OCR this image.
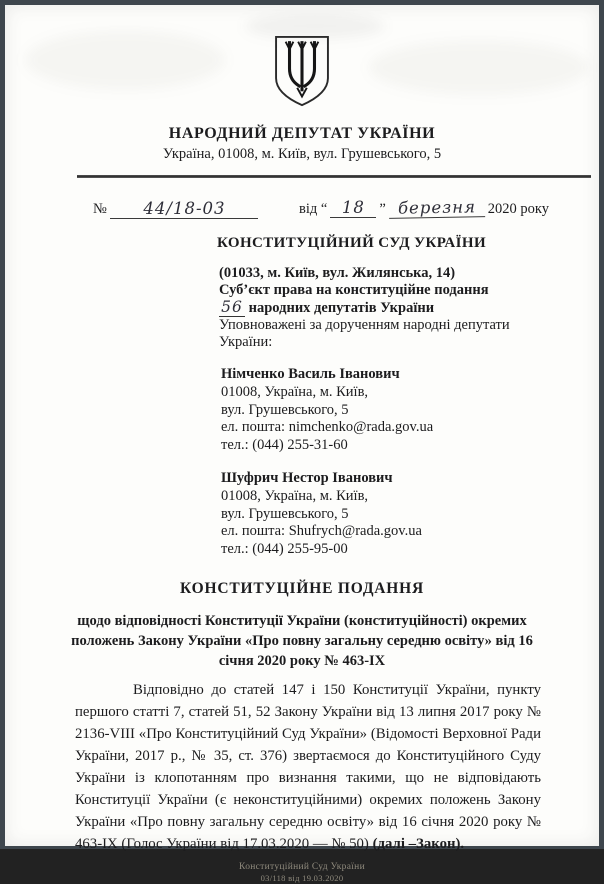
НАРОДНИЙ ДЕПУТАТ УКРАЇНИ
Україна, 01008, м. Київ, вул. Грушевського, 5
№
	44/18-03	від “ 18	” березня 2020 року
КОНСТИТУЦІЙНИЙ СУД УКРАЇНИ
(01033, м. Київ, вул. Жилянська, 14)
Суб’єкт права на конституційне подання
56 народних депутатів України
Уповноважені за дорученням народні депутати
України:
Німченко Василь Іванович
01008, Україна, м. Київ,
вул. Грушевського, 5
ел. пошта: nimchenko@rada.gov.ua
тел.: (044) 255-31-60
Шуфрич Нестор Іванович
01008, Україна, м. Київ,
вул. Грушевського, 5
ел. пошта: Shufrych@rada.gov.ua
тел.: (044) 255-95-00
КОНСТИТУЦІЙНЕ ПОДАННЯ
щодо відповідності Конституції України (конституційності) окремих положень Закону України «Про повну загальну середню освіту» від 16 січня 2020 року № 463-IX

Відповідно до статей 147 і 150 Конституції України, пункту першого статті 7, статей 51, 52 Закону України від 13 липня 2017 року № 2136-VIII «Про Конституційний Суд України» (Відомості Верховної Ради України, 2017 р., № 35, ст. 376) звертаємося до Конституційного Суду України із клопотанням про визнання такими, що не відповідають Конституції України (є неконституційними) окремих положень Закону України «Про повну загальну середню освіту» від 16 січня 2020 року № 463-IX (Голос України від 17.03.2020 — № 50) (далі –Закон).

Конституційний Суд України
03/118 від 19.03.2020
